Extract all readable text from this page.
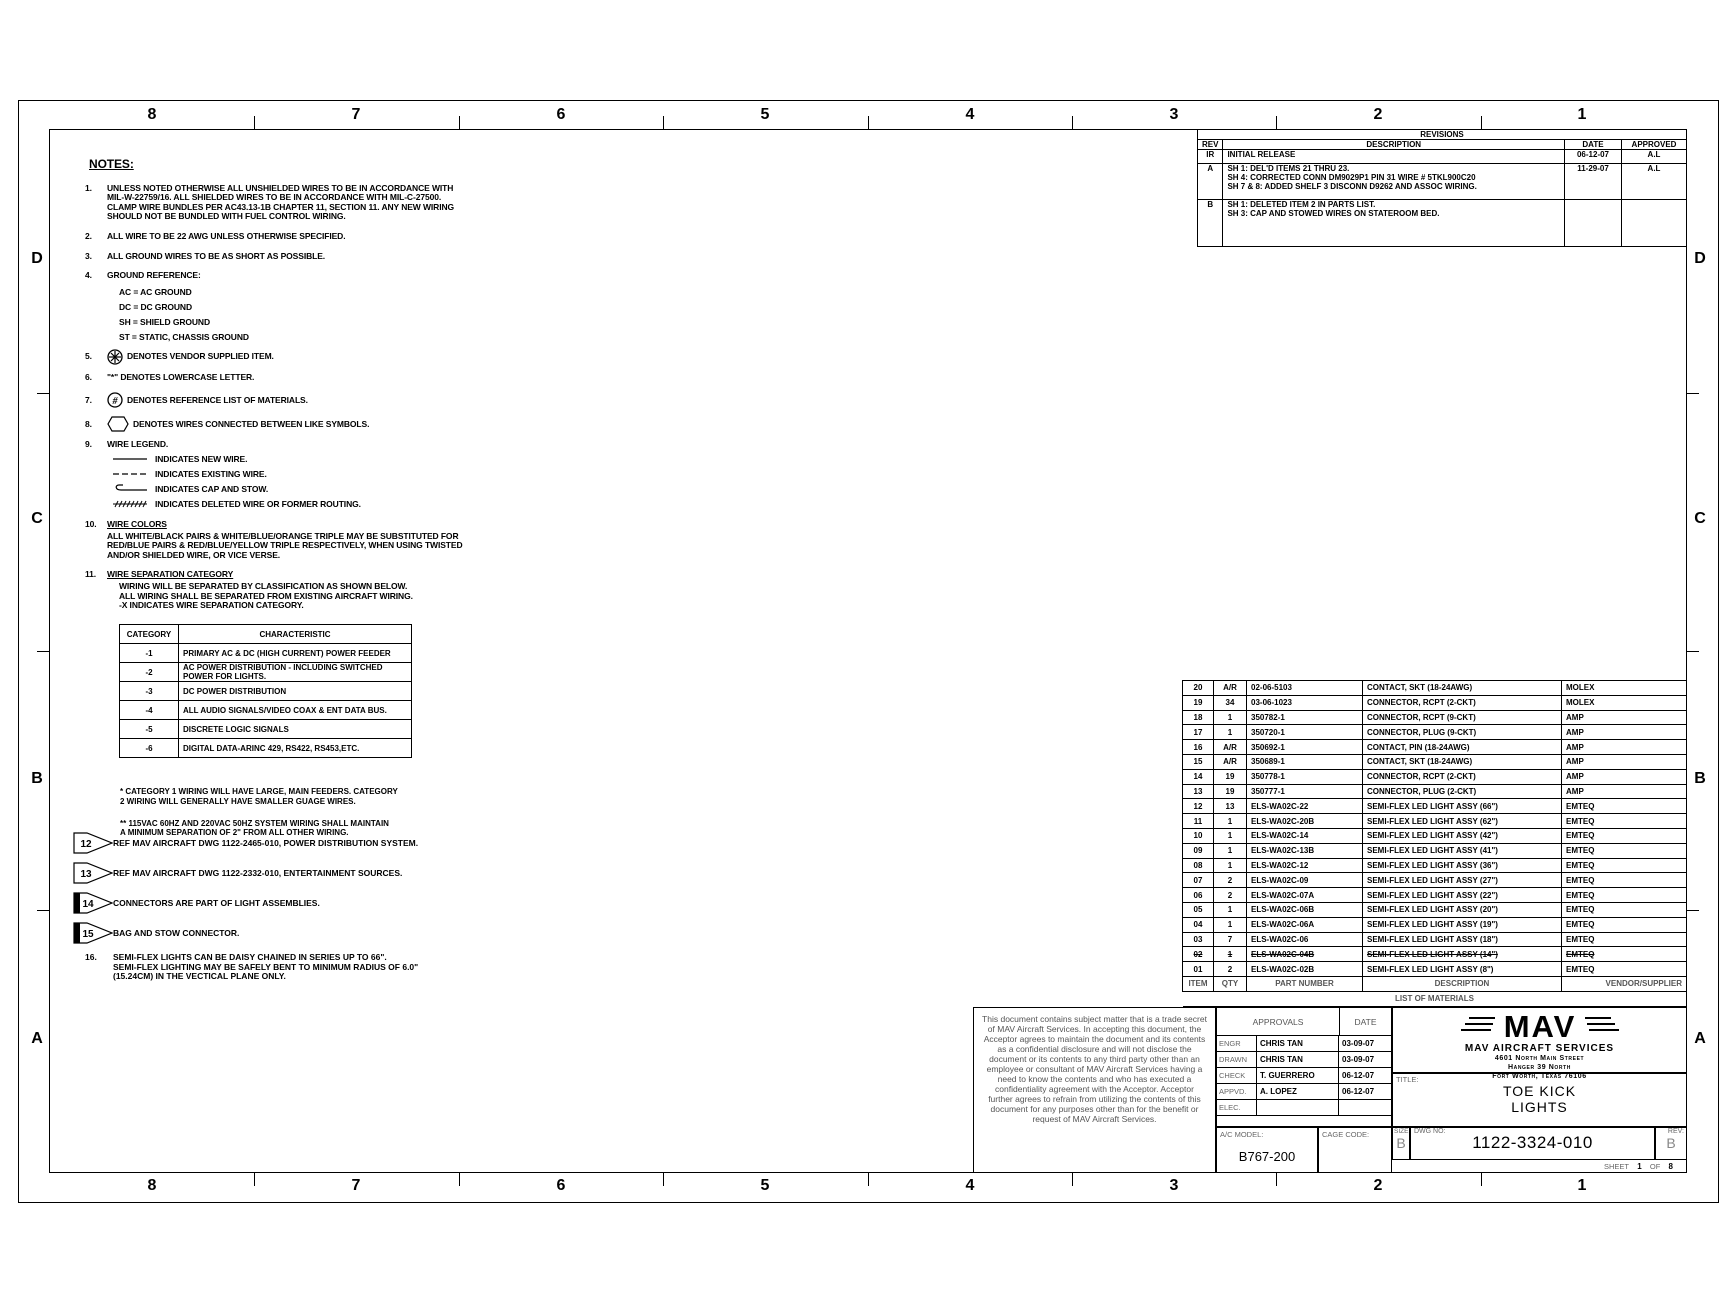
8	7	6	5	4	3	2	1
8	7	6	5	4	3	2	1
D
C
B
A
D
C
B
A
NOTES:
1.	UNLESS NOTED OTHERWISE ALL UNSHIELDED WIRES TO BE IN ACCORDANCE WITH
MIL-W-22759/16. ALL SHIELDED WIRES TO BE IN ACCORDANCE WITH MIL-C-27500.
CLAMP WIRE BUNDLES PER AC43.13-1B CHAPTER 11, SECTION 11. ANY NEW WIRING
SHOULD NOT BE BUNDLED WITH FUEL CONTROL WIRING.
2.	ALL WIRE TO BE 22 AWG UNLESS OTHERWISE SPECIFIED.
3.	ALL GROUND WIRES TO BE AS SHORT AS POSSIBLE.
4.	GROUND REFERENCE:
AC = AC GROUND
DC = DC GROUND
SH = SHIELD GROUND
ST = STATIC, CHASSIS GROUND
5.	DENOTES VENDOR SUPPLIED ITEM.
6.	"*" DENOTES LOWERCASE LETTER.
7.	# DENOTES REFERENCE LIST OF MATERIALS.
8.	DENOTES WIRES CONNECTED BETWEEN LIKE SYMBOLS.
9.	WIRE LEGEND.
INDICATES NEW WIRE.
INDICATES EXISTING WIRE.
INDICATES CAP AND STOW.
INDICATES DELETED WIRE OR FORMER ROUTING.
10.	WIRE COLORS
ALL WHITE/BLACK PAIRS & WHITE/BLUE/ORANGE TRIPLE MAY BE SUBSTITUTED FOR
RED/BLUE PAIRS & RED/BLUE/YELLOW TRIPLE RESPECTIVELY, WHEN USING TWISTED
AND/OR SHIELDED WIRE, OR VICE VERSE.
11.	WIRE SEPARATION CATEGORY
WIRING WILL BE SEPARATED BY CLASSIFICATION AS SHOWN BELOW.
ALL WIRING SHALL BE SEPARATED FROM EXISTING AIRCRAFT WIRING.
-X INDICATES WIRE SEPARATION CATEGORY.
CATEGORY	CHARACTERISTIC
-1	PRIMARY AC & DC (HIGH CURRENT) POWER FEEDER
-2	AC POWER DISTRIBUTION - INCLUDING SWITCHED POWER FOR LIGHTS.
-3	DC POWER DISTRIBUTION
-4	ALL AUDIO SIGNALS/VIDEO COAX & ENT DATA BUS.
-5	DISCRETE LOGIC SIGNALS
-6	DIGITAL DATA-ARINC 429, RS422, RS453,ETC.

* CATEGORY 1 WIRING WILL HAVE LARGE, MAIN FEEDERS. CATEGORY
2 WIRING WILL GENERALLY HAVE SMALLER GUAGE WIRES.

** 115VAC 60HZ AND 220VAC 50HZ SYSTEM WIRING SHALL MAINTAIN
A MINIMUM SEPARATION OF 2" FROM ALL OTHER WIRING.

12	REF MAV AIRCRAFT DWG 1122-2465-010, POWER DISTRIBUTION SYSTEM.
13	REF MAV AIRCRAFT DWG 1122-2332-010, ENTERTAINMENT SOURCES.
14 CONNECTORS ARE PART OF LIGHT ASSEMBLIES.
15 BAG AND STOW CONNECTOR.
16.	SEMI-FLEX LIGHTS CAN BE DAISY CHAINED IN SERIES UP TO 66".
SEMI-FLEX LIGHTING MAY BE SAFELY BENT TO MINIMUM RADIUS OF 6.0"
(15.24CM) IN THE VECTICAL PLANE ONLY.
REVISIONS			
REV	DESCRIPTION	DATE	APPROVED
IR	INITIAL RELEASE	06-12-07	A.L
A	SH 1: DEL'D ITEMS 21 THRU 23.
SH 4: CORRECTED CONN DM9029P1 PIN 31 WIRE # 5TKL900C20
SH 7 & 8: ADDED SHELF 3 DISCONN D9262 AND ASSOC WIRING.	11-29-07	A.L
B	SH 1: DELETED ITEM 2 IN PARTS LIST.
SH 3: CAP AND STOWED WIRES ON STATEROOM BED.		
20	A/R	02-06-5103	CONTACT, SKT (18-24AWG)	MOLEX
19	34	03-06-1023	CONNECTOR, RCPT (2-CKT)	MOLEX
18	1	350782-1	CONNECTOR, RCPT (9-CKT)	AMP
17	1	350720-1	CONNECTOR, PLUG (9-CKT)	AMP
16	A/R	350692-1	CONTACT, PIN (18-24AWG)	AMP
15	A/R	350689-1	CONTACT, SKT (18-24AWG)	AMP
14	19	350778-1	CONNECTOR, RCPT (2-CKT)	AMP
13	19	350777-1	CONNECTOR, PLUG (2-CKT)	AMP
12	13	ELS-WA02C-22	SEMI-FLEX LED LIGHT ASSY (66")	EMTEQ
11	1	ELS-WA02C-20B	SEMI-FLEX LED LIGHT ASSY (62")	EMTEQ
10	1	ELS-WA02C-14	SEMI-FLEX LED LIGHT ASSY (42")	EMTEQ
09	1	ELS-WA02C-13B	SEMI-FLEX LED LIGHT ASSY (41")	EMTEQ
08	1	ELS-WA02C-12	SEMI-FLEX LED LIGHT ASSY (36")	EMTEQ
07	2	ELS-WA02C-09	SEMI-FLEX LED LIGHT ASSY (27")	EMTEQ
06	2	ELS-WA02C-07A	SEMI-FLEX LED LIGHT ASSY (22")	EMTEQ
05	1	ELS-WA02C-06B	SEMI-FLEX LED LIGHT ASSY (20")	EMTEQ
04	1	ELS-WA02C-06A	SEMI-FLEX LED LIGHT ASSY (19")	EMTEQ
03	7	ELS-WA02C-06	SEMI-FLEX LED LIGHT ASSY (18")	EMTEQ
02	1	ELS-WA02C-04B	SEMI-FLEX LED LIGHT ASSY (14")	EMTEQ
01	2	ELS-WA02C-02B	SEMI-FLEX LED LIGHT ASSY (8")	EMTEQ
ITEM	QTY	PART NUMBER	DESCRIPTION	VENDOR/SUPPLIER
LIST OF MATERIALS				
This document contains subject matter that is a trade secret of MAV Aircraft Services. In accepting this document, the Acceptor agrees to maintain the document and its contents as a confidential disclosure and will not disclose the document or its contents to any third party other than an employee or consultant of MAV Aircraft Services having a need to know the contents and who has executed a confidentiality agreement with the Acceptor. Acceptor further agrees to refrain from utilizing the contents of this document for any purposes other than for the benefit or request of MAV Aircraft Services.
APPROVALS	DATE
ENGR	CHRIS TAN	03-09-07
DRAWN	CHRIS TAN	03-09-07
CHECK	T. GUERRERO	06-12-07
APPVD.	A. LOPEZ	06-12-07
ELEC.
A/C MODEL:
B767-200
CAGE CODE:
MAV
MAV AIRCRAFT SERVICES
4601 North Main Street
Hanger 39 North
Fort Worth, Texas 76106
TITLE:
TOE KICK
LIGHTS
SIZE
B
DWG NO:
1122-3324-010
REV:
B
SHEET 1 OF 8
